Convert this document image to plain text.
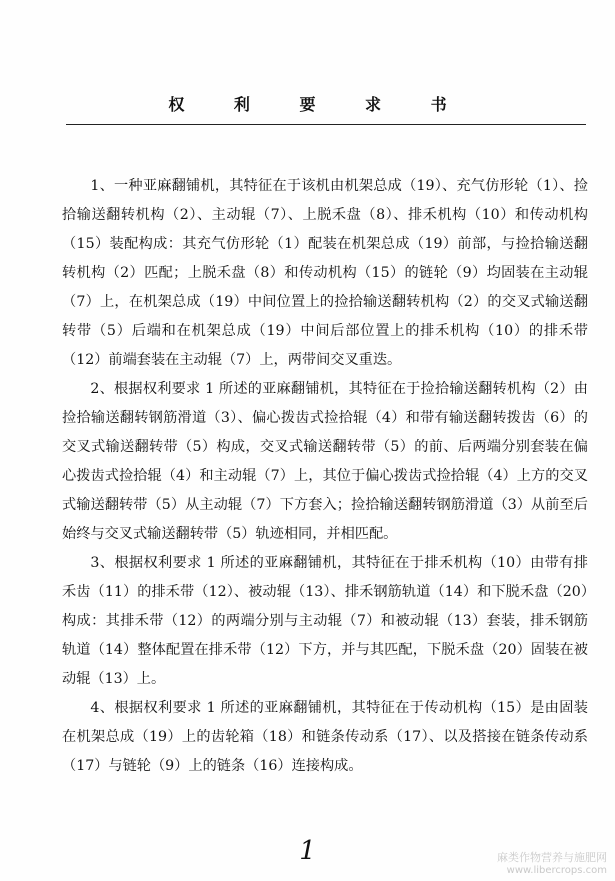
权 利 要 求 书

1、一种亚麻翻铺机，其特征在于该机由机架总成（19）、充气仿形轮（1）、捡拾输送翻转机构（2）、主动辊（7）、上脱禾盘（8）、排禾机构（10）和传动机构（15）装配构成：其充气仿形轮（1）配装在机架总成（19）前部，与捡拾输送翻转机构（2）匹配；上脱禾盘（8）和传动机构（15）的链轮（9）均固装在主动辊（7）上，在机架总成（19）中间位置上的捡拾输送翻转机构（2）的交叉式输送翻转带（5）后端和在机架总成（19）中间后部位置上的排禾机构（10）的排禾带（12）前端套装在主动辊（7）上，两带间交叉重迭。

2、根据权利要求 1 所述的亚麻翻铺机，其特征在于捡拾输送翻转机构（2）由捡拾输送翻转钢筋滑道（3）、偏心拨齿式捡拾辊（4）和带有输送翻转拨齿（6）的交叉式输送翻转带（5）构成，交叉式输送翻转带（5）的前、后两端分别套装在偏心拨齿式捡拾辊（4）和主动辊（7）上，其位于偏心拨齿式捡拾辊（4）上方的交叉式输送翻转带（5）从主动辊（7）下方套入；捡拾输送翻转钢筋滑道（3）从前至后始终与交叉式输送翻转带（5）轨迹相同，并相匹配。

3、根据权利要求 1 所述的亚麻翻铺机，其特征在于排禾机构（10）由带有排禾齿（11）的排禾带（12）、被动辊（13）、排禾钢筋轨道（14）和下脱禾盘（20）构成：其排禾带（12）的两端分别与主动辊（7）和被动辊（13）套装，排禾钢筋轨道（14）整体配置在排禾带（12）下方，并与其匹配，下脱禾盘（20）固装在被动辊（13）上。

4、根据权利要求 1 所述的亚麻翻铺机，其特征在于传动机构（15）是由固装在机架总成（19）上的齿轮箱（18）和链条传动系（17）、以及搭接在链条传动系（17）与链轮（9）上的链条（16）连接构成。

1	麻类作物营养与施肥网
www.libercrops.com
